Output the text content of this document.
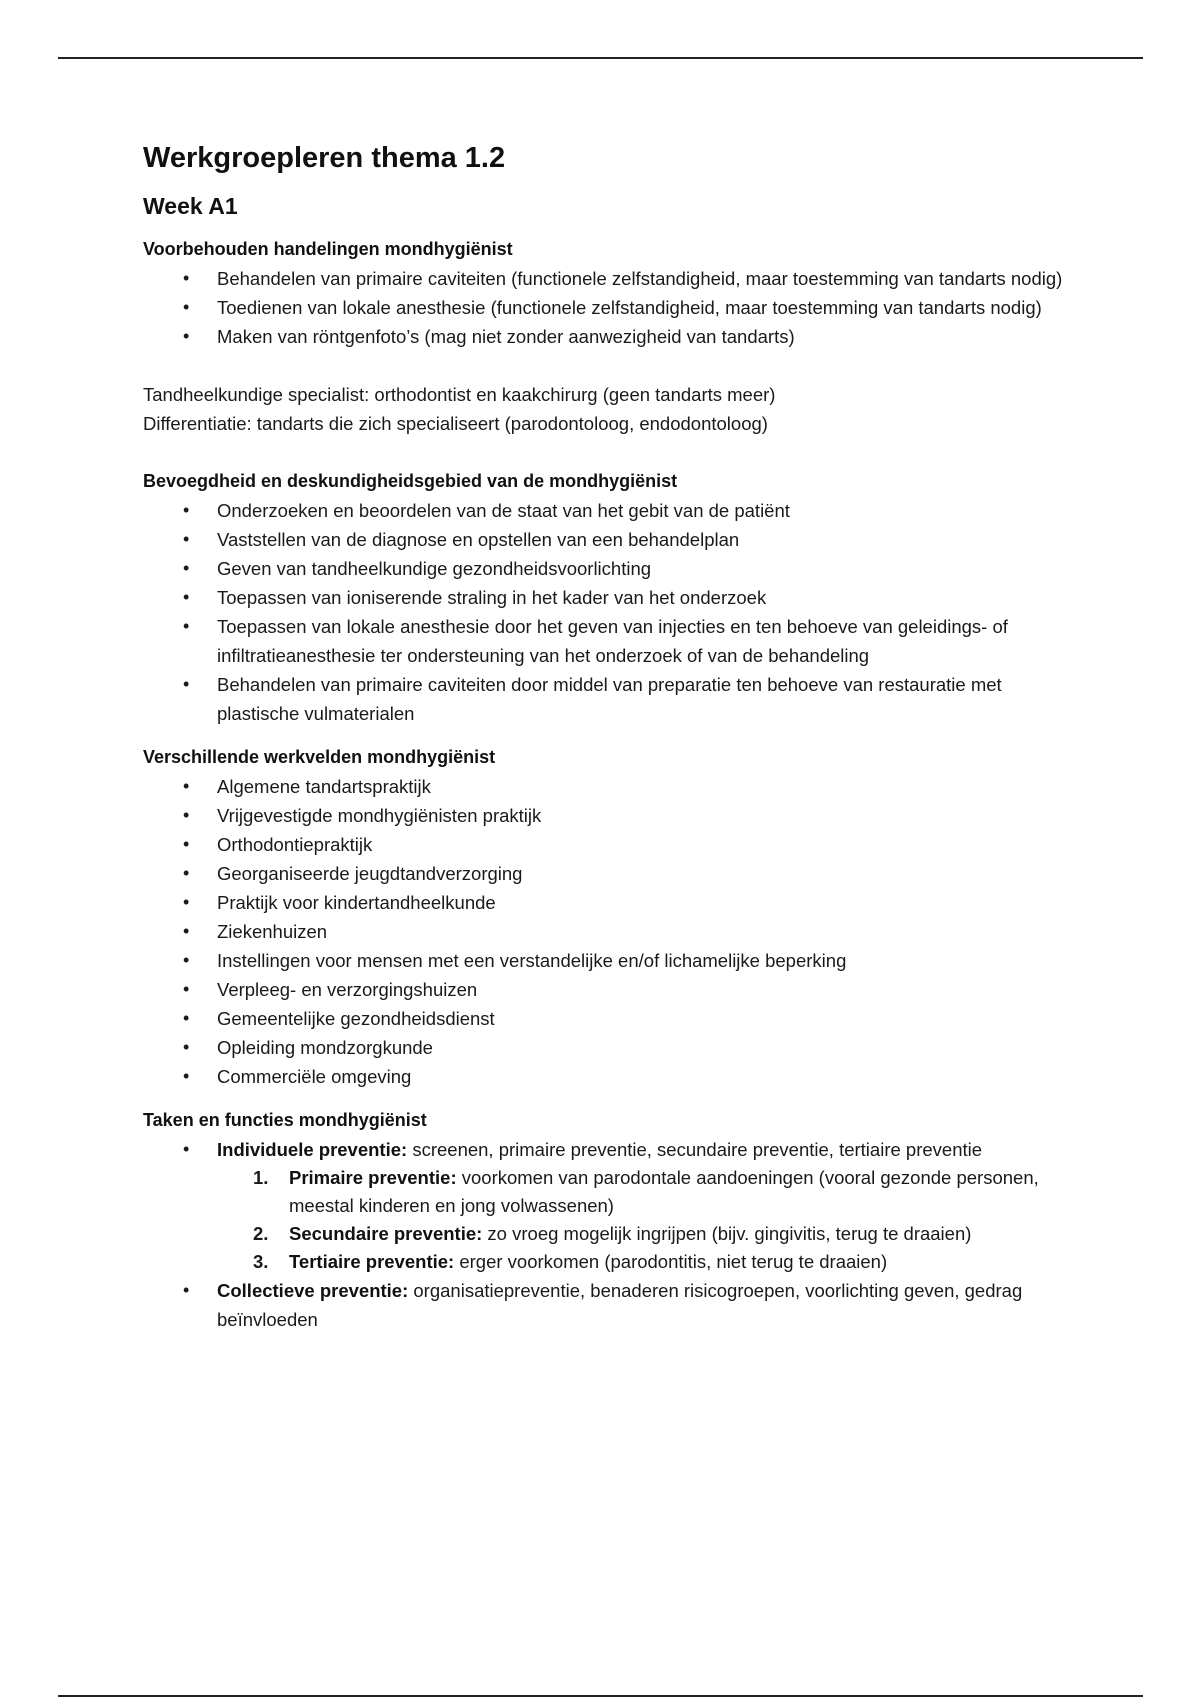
Werkgroepleren thema 1.2
Week A1
Voorbehouden handelingen mondhygiënist
• Behandelen van primaire caviteiten (functionele zelfstandigheid, maar toestemming van tandarts nodig)
• Toedienen van lokale anesthesie (functionele zelfstandigheid, maar toestemming van tandarts nodig)
• Maken van röntgenfoto’s (mag niet zonder aanwezigheid van tandarts)

Tandheelkundige specialist: orthodontist en kaakchirurg (geen tandarts meer)

Differentiatie: tandarts die zich specialiseert (parodontoloog, endodontoloog)

Bevoegdheid en deskundigheidsgebied van de mondhygiënist
• Onderzoeken en beoordelen van de staat van het gebit van de patiënt
• Vaststellen van de diagnose en opstellen van een behandelplan
• Geven van tandheelkundige gezondheidsvoorlichting
• Toepassen van ioniserende straling in het kader van het onderzoek
• Toepassen van lokale anesthesie door het geven van injecties en ten behoeve van geleidings- of infiltratieanesthesie ter ondersteuning van het onderzoek of van de behandeling
• Behandelen van primaire caviteiten door middel van preparatie ten behoeve van restauratie met plastische vulmaterialen
Verschillende werkvelden mondhygiënist
• Algemene tandartspraktijk
• Vrijgevestigde mondhygiënisten praktijk
• Orthodontiepraktijk
• Georganiseerde jeugdtandverzorging
• Praktijk voor kindertandheelkunde
• Ziekenhuizen
• Instellingen voor mensen met een verstandelijke en/of lichamelijke beperking
• Verpleeg- en verzorgingshuizen
• Gemeentelijke gezondheidsdienst
• Opleiding mondzorgkunde
• Commerciële omgeving
Taken en functies mondhygiënist
• Individuele preventie: screenen, primaire preventie, secundaire preventie, tertiaire preventie
1. Primaire preventie: voorkomen van parodontale aandoeningen (vooral gezonde personen, meestal kinderen en jong volwassenen)
2. Secundaire preventie: zo vroeg mogelijk ingrijpen (bijv. gingivitis, terug te draaien)
3. Tertiaire preventie: erger voorkomen (parodontitis, niet terug te draaien)
• Collectieve preventie: organisatiepreventie, benaderen risicogroepen, voorlichting geven, gedrag beïnvloeden
